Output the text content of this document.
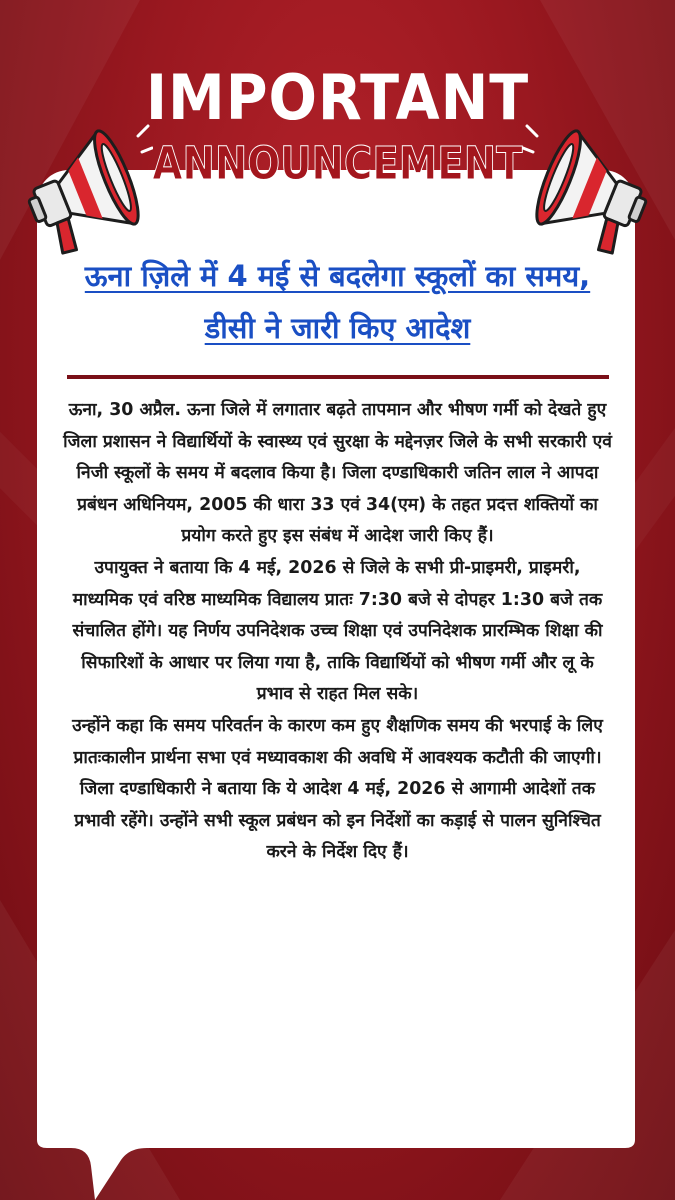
IMPORTANT
ANNOUNCEMENT
ऊना ज़िले में 4 मई से बदलेगा स्कूलों का समय, डीसी ने जारी किए आदेश

ऊना, 30 अप्रैल. ऊना जिले में लगातार बढ़ते तापमान और भीषण गर्मी को देखते हुए जिला प्रशासन ने विद्यार्थियों के स्वास्थ्य एवं सुरक्षा के मद्देनज़र जिले के सभी सरकारी एवं निजी स्कूलों के समय में बदलाव किया है। जिला दण्डाधिकारी जतिन लाल ने आपदा प्रबंधन अधिनियम, 2005 की धारा 33 एवं 34(एम) के तहत प्रदत्त शक्तियों का प्रयोग करते हुए इस संबंध में आदेश जारी किए हैं।

उपायुक्त ने बताया कि 4 मई, 2026 से जिले के सभी प्री-प्राइमरी, प्राइमरी, माध्यमिक एवं वरिष्ठ माध्यमिक विद्यालय प्रातः 7:30 बजे से दोपहर 1:30 बजे तक संचालित होंगे। यह निर्णय उपनिदेशक उच्च शिक्षा एवं उपनिदेशक प्रारम्भिक शिक्षा की सिफारिशों के आधार पर लिया गया है, ताकि विद्यार्थियों को भीषण गर्मी और लू के प्रभाव से राहत मिल सके।

उन्होंने कहा कि समय परिवर्तन के कारण कम हुए शैक्षणिक समय की भरपाई के लिए प्रातःकालीन प्रार्थना सभा एवं मध्यावकाश की अवधि में आवश्यक कटौती की जाएगी। जिला दण्डाधिकारी ने बताया कि ये आदेश 4 मई, 2026 से आगामी आदेशों तक प्रभावी रहेंगे। उन्होंने सभी स्कूल प्रबंधन को इन निर्देशों का कड़ाई से पालन सुनिश्चित करने के निर्देश दिए हैं।
